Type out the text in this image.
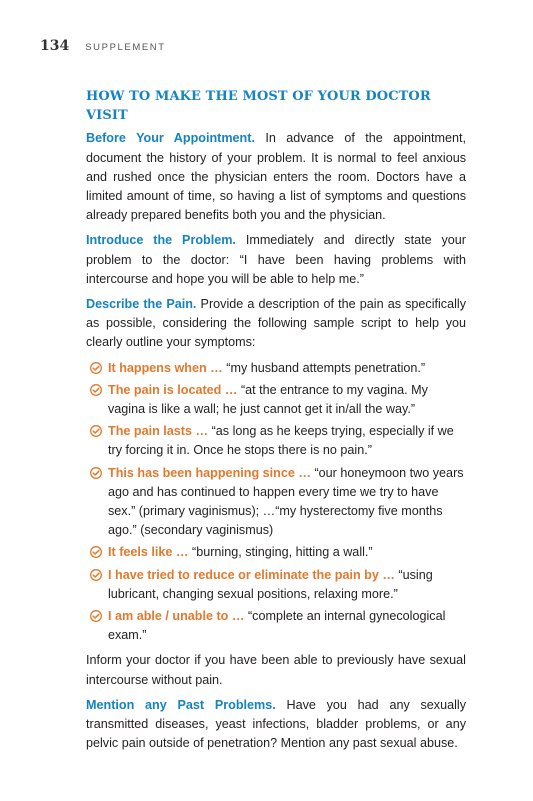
134 SUPPLEMENT
HOW TO MAKE THE MOST OF YOUR DOCTOR VISIT

Before Your Appointment. In advance of the appointment, document the history of your problem. It is normal to feel anxious and rushed once the physician enters the room. Doctors have a limited amount of time, so having a list of symptoms and questions already prepared benefits both you and the physician.

Introduce the Problem. Immediately and directly state your problem to the doctor: “I have been having problems with intercourse and hope you will be able to help me.”

Describe the Pain. Provide a description of the pain as specifically as possible, considering the following sample script to help you clearly outline your symptoms:

It happens when … “my husband attempts penetration.”
The pain is located … “at the entrance to my vagina. My vagina is like a wall; he just cannot get it in/all the way.”
The pain lasts … “as long as he keeps trying, especially if we try forcing it in. Once he stops there is no pain.”
This has been happening since … “our honeymoon two years ago and has continued to happen every time we try to have sex.” (primary vaginismus); …“my hysterectomy five months ago.” (secondary vaginismus)
It feels like … “burning, stinging, hitting a wall.”
I have tried to reduce or eliminate the pain by … “using lubricant, changing sexual positions, relaxing more.”
I am able / unable to … “complete an internal gynecological exam.”

Inform your doctor if you have been able to previously have sexual intercourse without pain.

Mention any Past Problems. Have you had any sexually transmitted diseases, yeast infections, bladder problems, or any pelvic pain outside of penetration? Mention any past sexual abuse.
